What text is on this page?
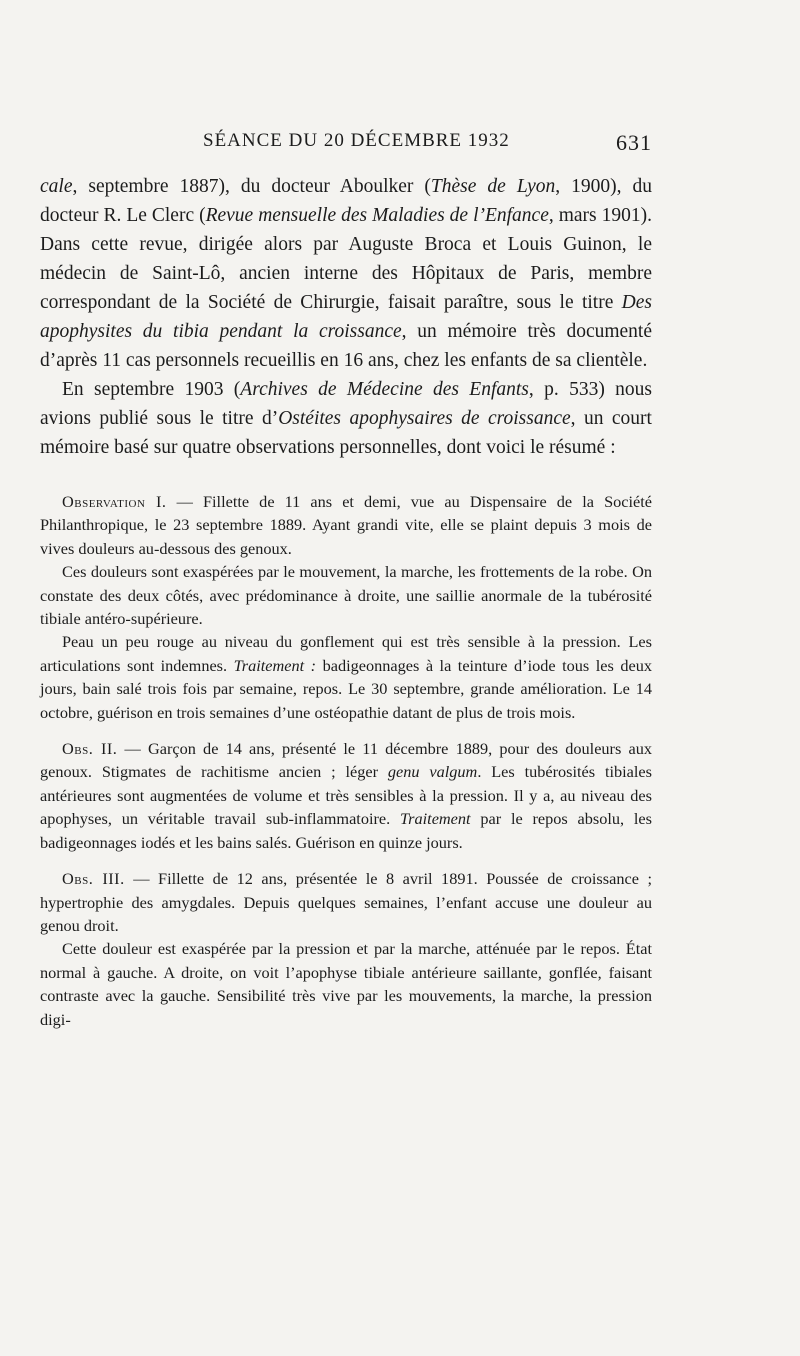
SÉANCE DU 20 DÉCEMBRE 1932	631

cale, septembre 1887), du docteur Aboulker (Thèse de Lyon, 1900), du docteur R. Le Clerc (Revue mensuelle des Maladies de l’Enfance, mars 1901). Dans cette revue, dirigée alors par Auguste Broca et Louis Guinon, le médecin de Saint-Lô, ancien interne des Hôpitaux de Paris, membre correspondant de la Société de Chirurgie, faisait paraître, sous le titre Des apophysites du tibia pendant la croissance, un mémoire très documenté d’après 11 cas personnels recueillis en 16 ans, chez les enfants de sa clientèle.

En septembre 1903 (Archives de Médecine des Enfants, p. 533) nous avions publié sous le titre d’Ostéites apophysaires de croissance, un court mémoire basé sur quatre observations personnelles, dont voici le résumé :

Observation I. — Fillette de 11 ans et demi, vue au Dispensaire de la Société Philanthropique, le 23 septembre 1889. Ayant grandi vite, elle se plaint depuis 3 mois de vives douleurs au-dessous des genoux.

Ces douleurs sont exaspérées par le mouvement, la marche, les frottements de la robe. On constate des deux côtés, avec prédominance à droite, une saillie anormale de la tubérosité tibiale antéro-supérieure.

Peau un peu rouge au niveau du gonflement qui est très sensible à la pression. Les articulations sont indemnes. Traitement : badigeonnages à la teinture d’iode tous les deux jours, bain salé trois fois par semaine, repos. Le 30 septembre, grande amélioration. Le 14 octobre, guérison en trois semaines d’une ostéopathie datant de plus de trois mois.

Obs. II. — Garçon de 14 ans, présenté le 11 décembre 1889, pour des douleurs aux genoux. Stigmates de rachitisme ancien ; léger genu valgum. Les tubérosités tibiales antérieures sont augmentées de volume et très sensibles à la pression. Il y a, au niveau des apophyses, un véritable travail sub-inflammatoire. Traitement par le repos absolu, les badigeonnages iodés et les bains salés. Guérison en quinze jours.

Obs. III. — Fillette de 12 ans, présentée le 8 avril 1891. Poussée de croissance ; hypertrophie des amygdales. Depuis quelques semaines, l’enfant accuse une douleur au genou droit.

Cette douleur est exaspérée par la pression et par la marche, atténuée par le repos. État normal à gauche. A droite, on voit l’apophyse tibiale antérieure saillante, gonflée, faisant contraste avec la gauche. Sensibilité très vive par les mouvements, la marche, la pression digi-
